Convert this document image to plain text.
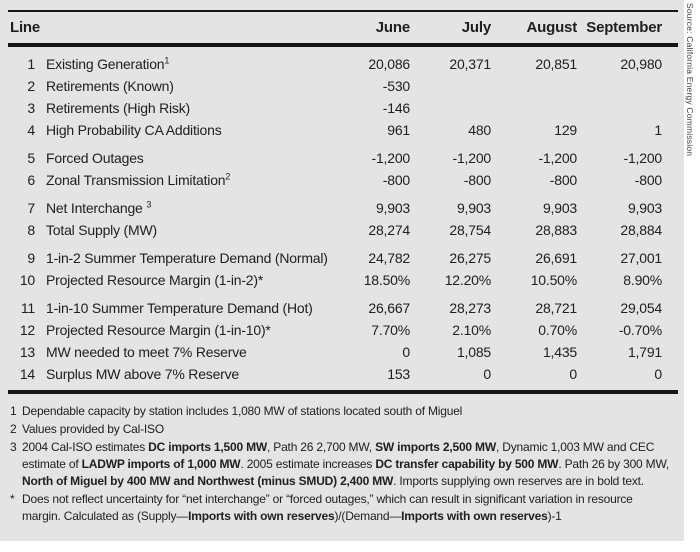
Line	June	July	August September
1 Existing Generation$^1$	20,086	20,371	20,851	20,980
2 Retirements (Known)	-530
3 Retirements (High Risk)	-146
4 High Probability CA Additions	961	480	129	1
5 Forced Outages	-1,200	-1,200	-1,200	-1,200
6 Zonal Transmission Limitation$^2$	-800	-800	-800	-800
7 Net Interchange $^3$	9,903	9,903	9,903	9,903
8 Total Supply (MW)	28,274	28,754	28,883	28,884
9 1-in-2 Summer Temperature Demand (Normal)	24,782	26,275	26,691	27,001
10 Projected Resource Margin (1-in-2)*	18.50%	12.20%	10.50%	8.90%
11 1-in-10 Summer Temperature Demand (Hot)	26,667	28,273	28,721	29,054
12 Projected Resource Margin (1-in-10)*	7.70%	2.10%	0.70%	-0.70%
13 MW needed to meet 7% Reserve	0	1,085	1,435	1,791
14 Surplus MW above 7% Reserve	153	0	0	0
1 Dependable capacity by station includes 1,080 MW of stations located south of Miguel
2 Values provided by Cal-ISO
3 2004 Cal-ISO estimates DC imports 1,500 MW, Path 26 2,700 MW, SW imports 2,500 MW, Dynamic 1,003 MW and CEC estimate of LADWP imports of 1,000 MW. 2005 estimate increases DC transfer capability by 500 MW. Path 26 by 300 MW, North of Miguel by 400 MW and Northwest (minus SMUD) 2,400 MW. Imports supplying own reserves are in bold text.
* Does not reflect uncertainty for “net interchange” or “forced outages,” which can result in significant variation in resource margin. Calculated as (Supply—Imports with own reserves)/(Demand—Imports with own reserves)-1
Source: California Energy Commission
